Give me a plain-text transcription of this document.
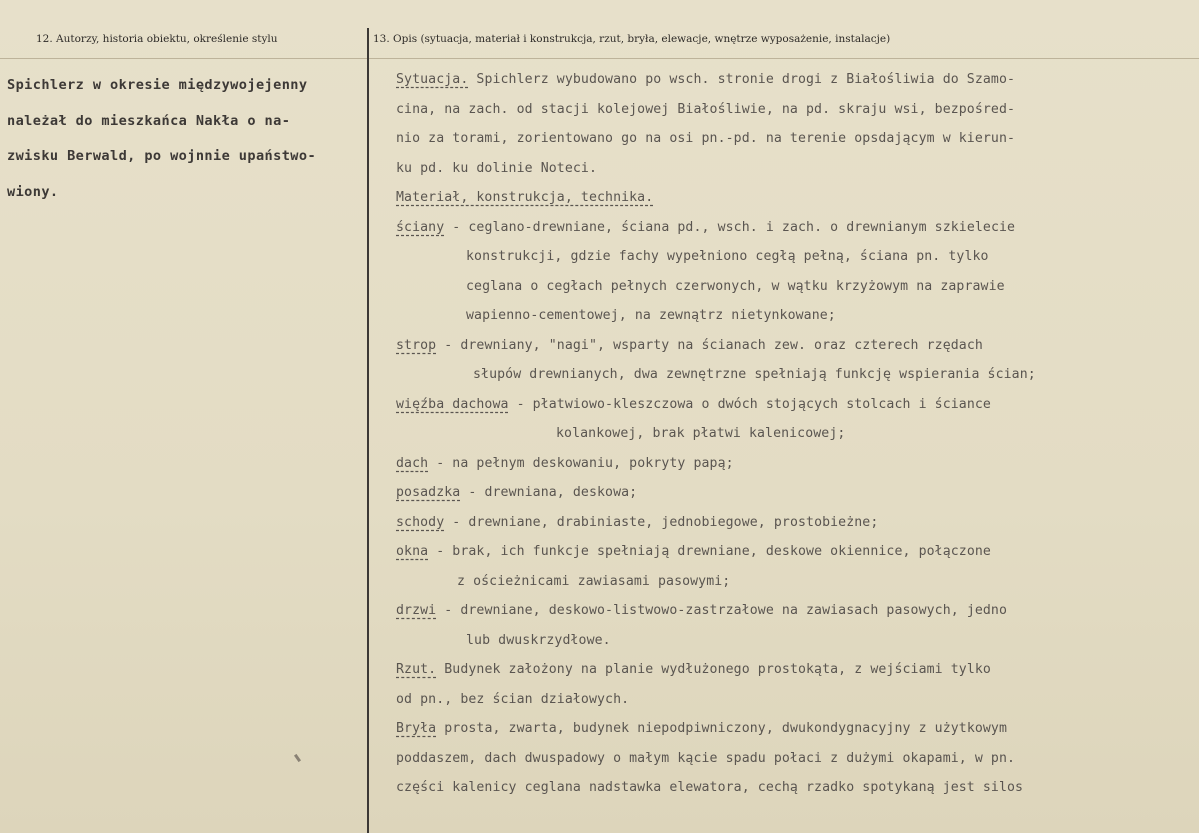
12. Autorzy, historia obiektu, określenie stylu	13. Opis (sytuacja, materiał i konstrukcja, rzut, bryła, elewacje, wnętrze wyposażenie, instalacje)
Spichlerz w okresie międzywojejenny
należał do mieszkańca Nakła o na-
zwisku Berwald, po wojnnie upaństwo-
wiony.
Sytuacja. Spichlerz wybudowano po wsch. stronie drogi z Białośliwia do Szamo-
cina, na zach. od stacji kolejowej Białośliwie, na pd. skraju wsi, bezpośred-
nio za torami, zorientowano go na osi pn.-pd. na terenie opsdającym w kierun-
ku pd. ku dolinie Noteci.
Materiał, konstrukcja, technika.
ściany - ceglano-drewniane, ściana pd., wsch. i zach. o drewnianym szkielecie
konstrukcji, gdzie fachy wypełniono cegłą pełną, ściana pn. tylko
ceglana o cegłach pełnych czerwonych, w wątku krzyżowym na zaprawie
wapienno-cementowej, na zewnątrz nietynkowane;
strop - drewniany, "nagi", wsparty na ścianach zew. oraz czterech rzędach
słupów drewnianych, dwa zewnętrzne spełniają funkcję wspierania ścian;
więźba dachowa - płatwiowo-kleszczowa o dwóch stojących stolcach i ściance
kolankowej, brak płatwi kalenicowej;
dach - na pełnym deskowaniu, pokryty papą;
posadzka - drewniana, deskowa;
schody - drewniane, drabiniaste, jednobiegowe, prostobieżne;
okna - brak, ich funkcje spełniają drewniane, deskowe okiennice, połączone
z ościeżnicami zawiasami pasowymi;
drzwi - drewniane, deskowo-listwowo-zastrzałowe na zawiasach pasowych, jedno
lub dwuskrzydłowe.
Rzut. Budynek założony na planie wydłużonego prostokąta, z wejściami tylko
od pn., bez ścian działowych.
Bryła prosta, zwarta, budynek niepodpiwniczony, dwukondygnacyjny z użytkowym
poddaszem, dach dwuspadowy o małym kącie spadu połaci z dużymi okapami, w pn.
części kalenicy ceglana nadstawka elewatora, cechą rzadko spotykaną jest silos
